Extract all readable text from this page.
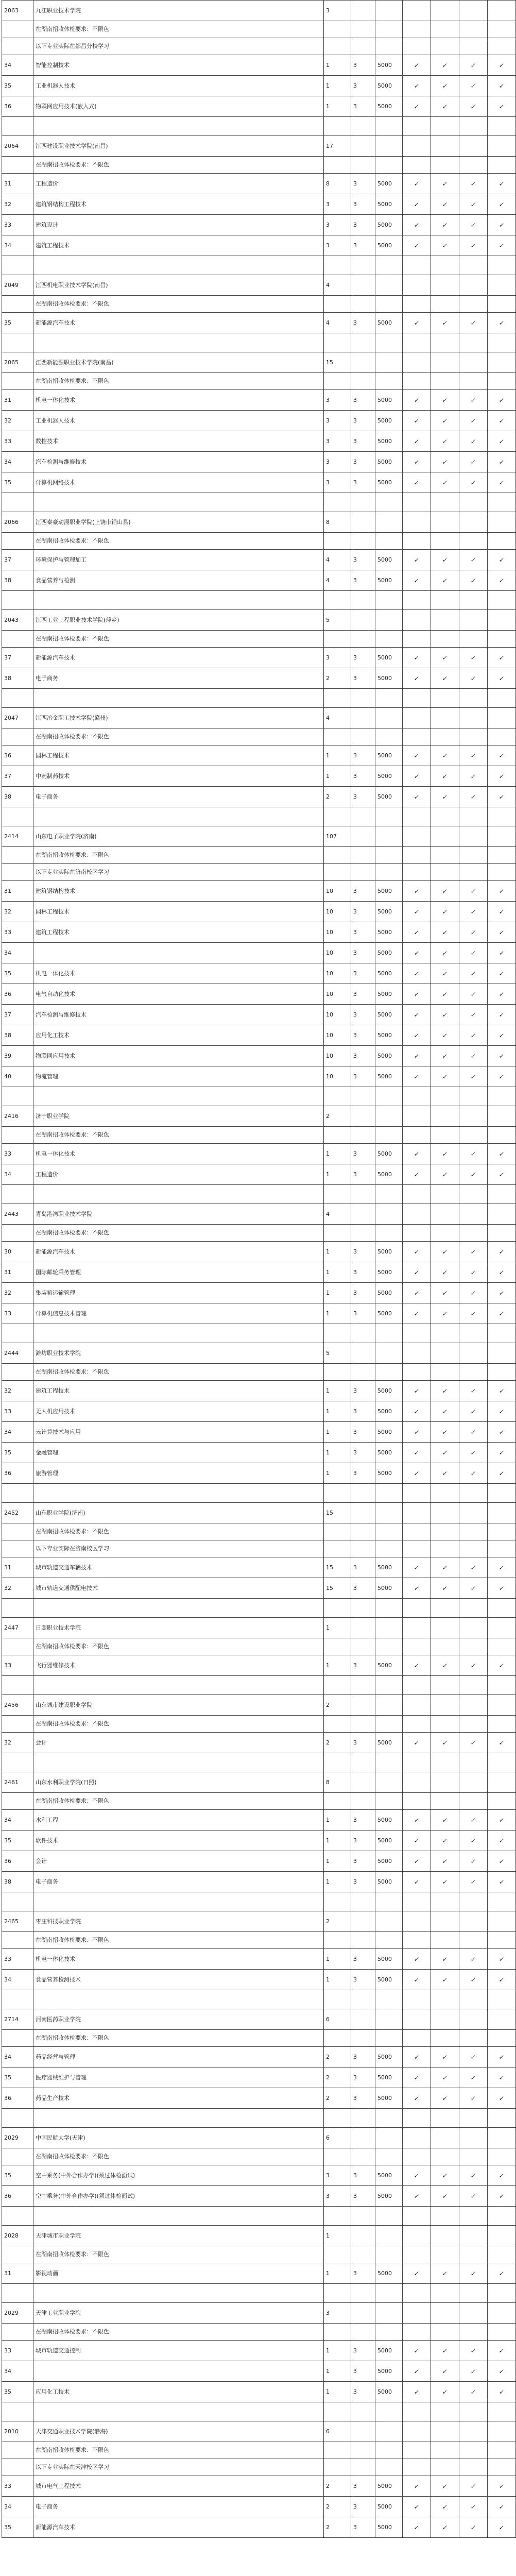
2063	九江职业技术学院	3						
	在湖南招收体检要求：不限色							
	以下专业实际在都昌分校学习							
34	智能控制技术	1	3	5000	✓	✓	✓	✓
35	工业机器人技术	1	3	5000	✓	✓	✓	✓
36	物联网应用技术(嵌入式)	1	3	5000	✓	✓	✓	✓

2064	江西建设职业技术学院(南昌)	17						
	在湖南招收体检要求：不限色							
31	工程造价	8	3	5000	✓	✓	✓	✓
32	建筑钢结构工程技术	3	3	5000	✓	✓	✓	✓
33	建筑设计	3	3	5000	✓	✓	✓	✓
34	建筑工程技术	3	3	5000	✓	✓	✓	✓

2049	江西机电职业技术学院(南昌)	4						
	在湖南招收体检要求：不限色							
35	新能源汽车技术	4	3	5000	✓	✓	✓	✓

2065	江西新能源职业技术学院(南昌)	15						
	在湖南招收体检要求：不限色							
31	机电一体化技术	3	3	5000	✓	✓	✓	✓
32	工业机器人技术	3	3	5000	✓	✓	✓	✓
33	数控技术	3	3	5000	✓	✓	✓	✓
34	汽车检测与维修技术	3	3	5000	✓	✓	✓	✓
35	计算机网络技术	3	3	5000	✓	✓	✓	✓

2066	江西泰豪动漫职业学院(上饶市铅山县)	8						
	在湖南招收体检要求：不限色							
37	环境保护与管理加工	4	3	5000	✓	✓	✓	✓
38	食品营养与检测	4	3	5000	✓	✓	✓	✓

2043	江西工业工程职业技术学院(萍乡)	5						
	在湖南招收体检要求：不限色							
37	新能源汽车技术	3	3	5000	✓	✓	✓	✓
38	电子商务	2	3	5000	✓	✓	✓	✓

2047	江西冶金职工技术学院(赣州)	4						
	在湖南招收体检要求：不限色							
36	园林工程技术	1	3	5000	✓	✓	✓	✓
37	中药制药技术	1	3	5000	✓	✓	✓	✓
38	电子商务	2	3	5000	✓	✓	✓	✓

2414	山东电子职业学院(济南)	107						
	在湖南招收体检要求：不限色							
	以下专业实际在济南校区学习							
31	建筑钢结构技术	10	3	5000	✓	✓	✓	✓
32	园林工程技术	10	3	5000	✓	✓	✓	✓
33	建筑工程技术	10	3	5000	✓	✓	✓	✓
34		10	3	5000	✓	✓	✓	✓
35	机电一体化技术	10	3	5000	✓	✓	✓	✓
36	电气自动化技术	10	3	5000	✓	✓	✓	✓
37	汽车检测与维修技术	10	3	5000	✓	✓	✓	✓
38	应用化工技术	10	3	5000	✓	✓	✓	✓
39	物联网应用技术	10	3	5000	✓	✓	✓	✓
40	物流管理	10	3	5000	✓	✓	✓	✓

2416	济宁职业学院	2						
	在湖南招收体检要求：不限色							
33	机电一体化技术	1	3	5000	✓	✓	✓	✓
34	工程造价	1	3	5000	✓	✓	✓	✓

2443	青岛港湾职业技术学院	4						
	在湖南招收体检要求：不限色							
30	新能源汽车技术	1	3	5000	✓	✓	✓	✓
31	国际邮轮乘务管理	1	3	5000	✓	✓	✓	✓
32	集装箱运输管理	1	3	5000	✓	✓	✓	✓
33	计算机信息技术管理	1	3	5000	✓	✓	✓	✓

2444	潍坊职业技术学院	5						
	在湖南招收体检要求：不限色							
32	建筑工程技术	1	3	5000	✓	✓	✓	✓
33	无人机应用技术	1	3	5000	✓	✓	✓	✓
34	云计算技术与应用	1	3	5000	✓	✓	✓	✓
35	金融管理	1	3	5000	✓	✓	✓	✓
36	旅游管理	1	3	5000	✓	✓	✓	✓

2452	山东职业学院(济南)	15						
	在湖南招收体检要求：不限色							
	以下专业实际在济南校区学习							
31	城市轨道交通车辆技术	15	3	5000	✓	✓	✓	✓
32	城市轨道交通供配电技术	15	3	5000	✓	✓	✓	✓

2447	日照职业技术学院	1						
	在湖南招收体检要求：不限色							
33	飞行器维修技术	1	3	5000	✓	✓	✓	✓

2456	山东城市建设职业学院	2						
	在湖南招收体检要求：不限色							
32	会计	2	3	5000	✓	✓	✓	✓

2461	山东水利职业学院(日照)	8						
	在湖南招收体检要求：不限色							
34	水利工程	1	3	5000	✓	✓	✓	✓
35	软件技术	1	3	5000	✓	✓	✓	✓
36	会计	1	3	5000	✓	✓	✓	✓
38	电子商务	1	3	5000	✓	✓	✓	✓

2465	枣庄科技职业学院	2						
	在湖南招收体检要求：不限色							
33	机电一体化技术	1	3	5000	✓	✓	✓	✓
34	食品营养检测技术	1	3	5000	✓	✓	✓	✓

2714	河南医药职业学院	6						
	在湖南招收体检要求：不限色							
34	药品经营与管理	2	3	5000	✓	✓	✓	✓
35	医疗器械维护与管理	2	3	5000	✓	✓	✓	✓
36	药品生产技术	2	3	5000	✓	✓	✓	✓

2029	中国民航大学(天津)	6						
	在湖南招收体检要求：不限色							
35	空中乘务(中外合作办学)(须过体检面试)	3	3	5000	✓	✓	✓	✓
36	空中乘务(中外合作办学)(须过体检面试)	3	3	5000	✓	✓	✓	✓

2028	天津城市职业学院	1						
	在湖南招收体检要求：不限色							
31	影视动画	1	3	5000	✓	✓	✓	✓

2029	天津工业职业学院	3						
	在湖南招收体检要求：不限色							
33	城市轨道交通控制	1	3	5000	✓	✓	✓	✓
34		1	3	5000	✓	✓	✓	✓
35	应用化工技术	1	3	5000	✓	✓	✓	✓

2010	天津交通职业技术学院(静海)	6						
	在湖南招收体检要求：不限色							
	以下专业实际在天津校区学习							
33	城市电气工程技术	2	3	5000	✓	✓	✓	✓
34	电子商务	2	3	5000	✓	✓	✓	✓
35	新能源汽车技术	2	3	5000	✓	✓	✓	✓
